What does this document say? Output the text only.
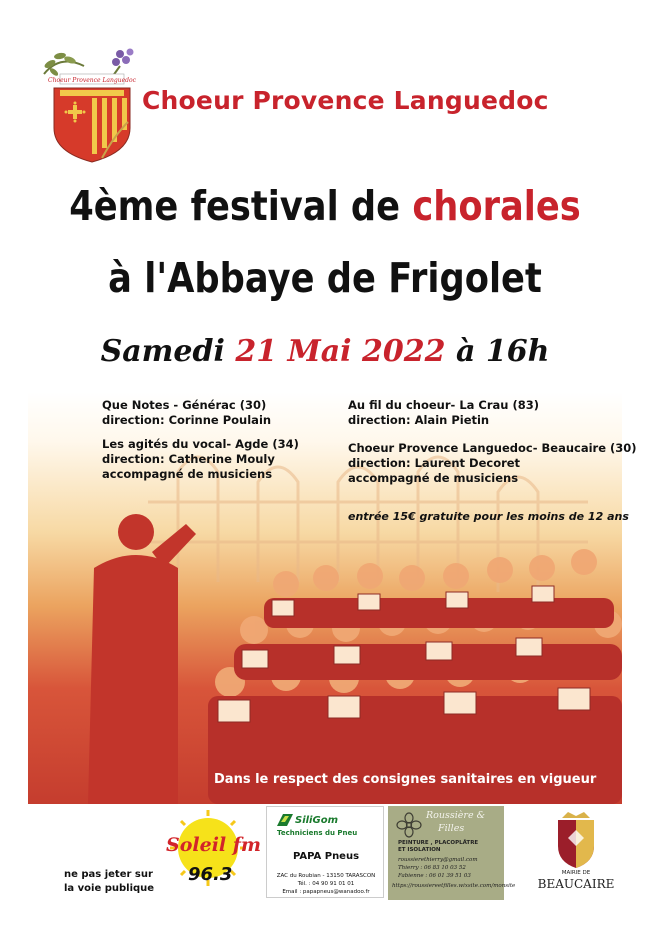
Choeur Provence Languedoc
Choeur Provence Languedoc
4ème festival de chorales
à l'Abbaye de Frigolet
Samedi 21 Mai 2022 à 16h
Que Notes - Générac (30)
direction: Corinne Poulain
Les agités du vocal- Agde (34)
direction: Catherine Mouly
accompagné de musiciens
Au fil du choeur- La Crau (83)
direction: Alain Pietin
Choeur Provence Languedoc- Beaucaire (30)
direction: Laurent Decoret
accompagné de musiciens
entrée 15€ gratuite pour les moins de 12 ans
Dans le respect des consignes sanitaires en vigueur
ne pas jeter sur
la voie publique
Soleil fm
96.3
SiliGom
Techniciens du Pneu
PAPA Pneus
ZAC du Roubian - 13150 TARASCON
Tél. : 04 90 91 01 01
Email : papapneus@wanadoo.fr
Roussière &
Filles
PEINTURE , PLACOPLÂTRE
ET ISOLATION
roussierethierry@gmail.com
Thierry : 06 83 10 03 52
Fabienne : 06 01 39 51 03
https://roussiereetfilles.wixsite.com/monsite
MAIRIE DE
BEAUCAIRE
